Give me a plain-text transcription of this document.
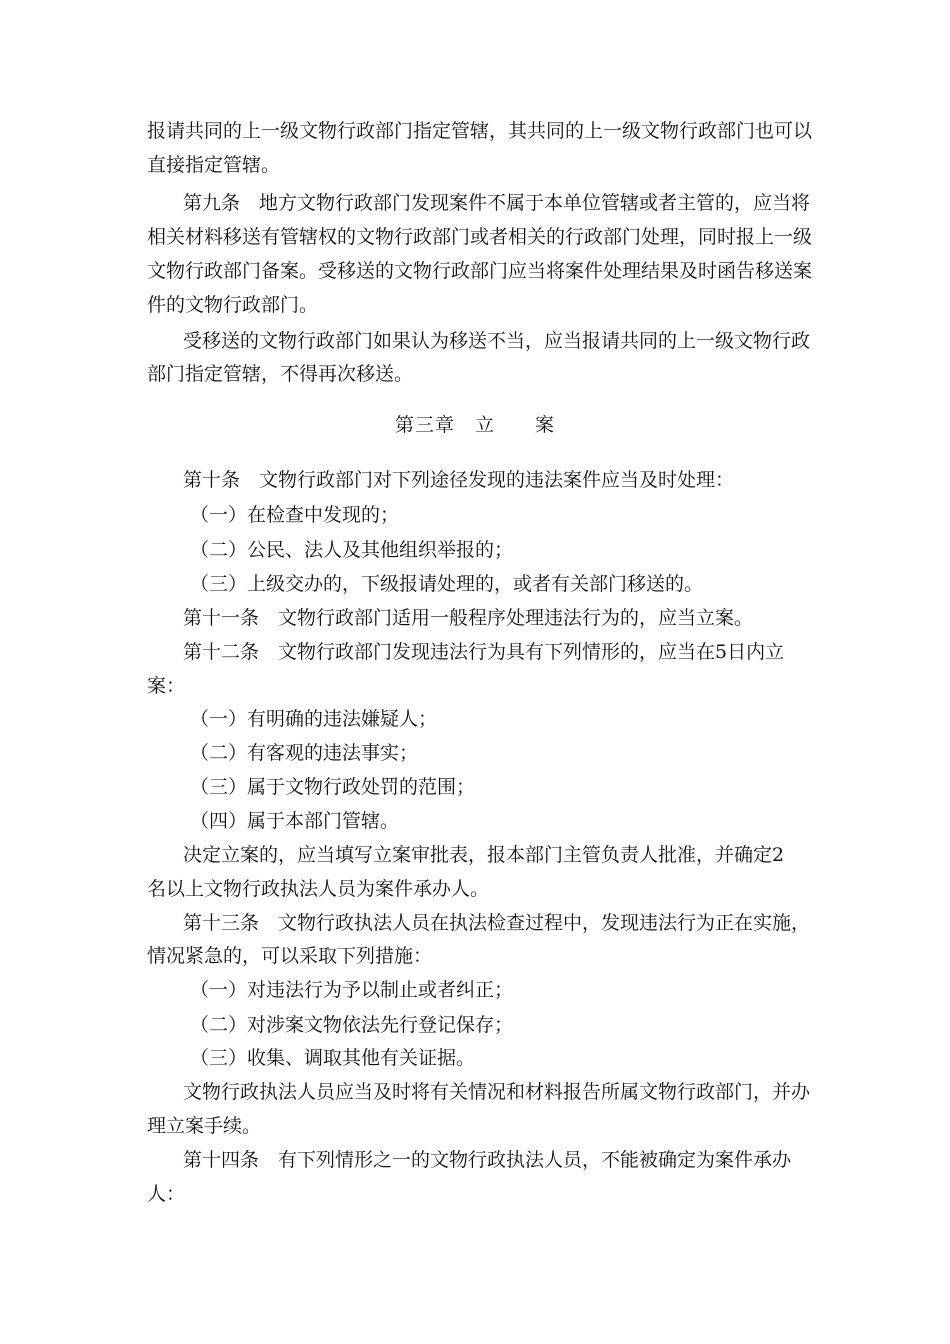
报请共同的上一级文物行政部门指定管辖，其共同的上一级文物行政部门也可以
直接指定管辖。
第九条　地方文物行政部门发现案件不属于本单位管辖或者主管的，应当将
相关材料移送有管辖权的文物行政部门或者相关的行政部门处理，同时报上一级
文物行政部门备案。受移送的文物行政部门应当将案件处理结果及时函告移送案
件的文物行政部门。
受移送的文物行政部门如果认为移送不当，应当报请共同的上一级文物行政
部门指定管辖，不得再次移送。
第三章　立　　案
第十条　文物行政部门对下列途径发现的违法案件应当及时处理：
（一）在检查中发现的；
（二）公民、法人及其他组织举报的；
（三）上级交办的，下级报请处理的，或者有关部门移送的。
第十一条　文物行政部门适用一般程序处理违法行为的，应当立案。
第十二条　文物行政部门发现违法行为具有下列情形的，应当在5日内立
案：
（一）有明确的违法嫌疑人；
（二）有客观的违法事实；
（三）属于文物行政处罚的范围；
（四）属于本部门管辖。
决定立案的，应当填写立案审批表，报本部门主管负责人批准，并确定2
名以上文物行政执法人员为案件承办人。
第十三条　文物行政执法人员在执法检查过程中，发现违法行为正在实施，
情况紧急的，可以采取下列措施：
（一）对违法行为予以制止或者纠正；
（二）对涉案文物依法先行登记保存；
（三）收集、调取其他有关证据。
文物行政执法人员应当及时将有关情况和材料报告所属文物行政部门，并办
理立案手续。
第十四条　有下列情形之一的文物行政执法人员，不能被确定为案件承办
人：
